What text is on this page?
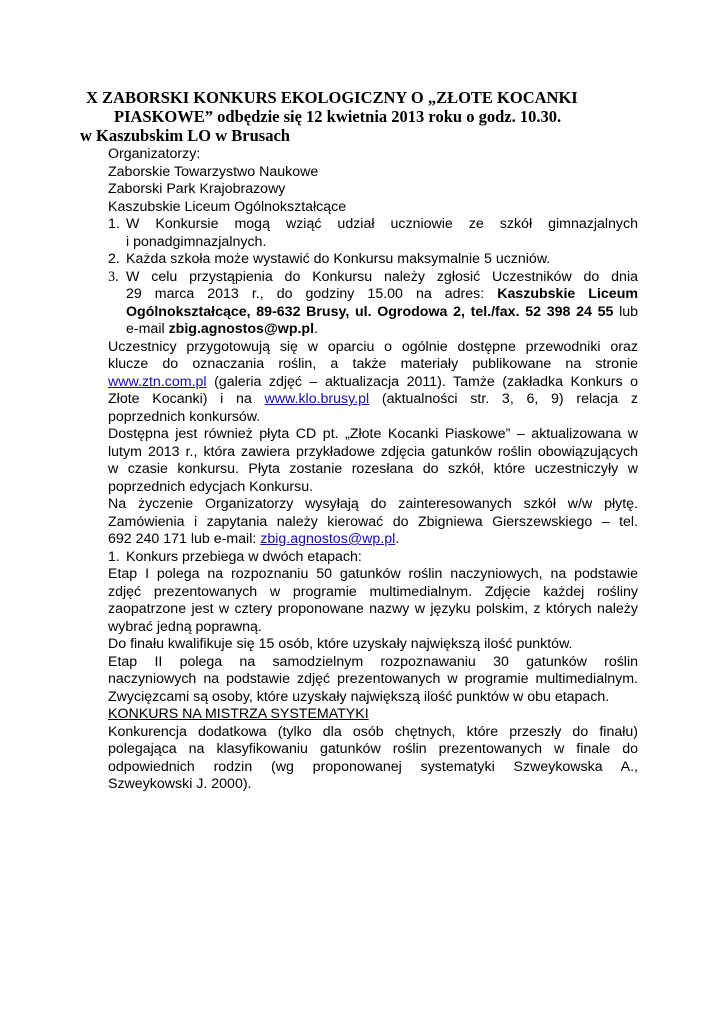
X ZABORSKI KONKURS EKOLOGICZNY O „ZŁOTE KOCANKI
PIASKOWE” odbędzie się 12 kwietnia 2013 roku o godz. 10.30.
w Kaszubskim LO w Brusach
Organizatorzy:
Zaborskie Towarzystwo Naukowe
Zaborski Park Krajobrazowy
Kaszubskie Liceum Ogólnokształcące
1. W Konkursie mogą wziąć udział uczniowie ze szkół gimnazjalnych
i ponadgimnazjalnych.
2. Każda szkoła może wystawić do Konkursu maksymalnie 5 uczniów.
3. W celu przystąpienia do Konkursu należy zgłosić Uczestników do dnia
29 marca 2013 r., do godziny 15.00 na adres: Kaszubskie Liceum
Ogólnokształcące, 89-632 Brusy, ul. Ogrodowa 2, tel./fax. 52 398 24 55 lub
e-mail zbig.agnostos@wp.pl.
Uczestnicy przygotowują się w oparciu o ogólnie dostępne przewodniki oraz
klucze do oznaczania roślin, a także materiały publikowane na stronie
www.ztn.com.pl (galeria zdjęć – aktualizacja 2011). Tamże (zakładka Konkurs o
Złote Kocanki) i na www.klo.brusy.pl (aktualności str. 3, 6, 9) relacja z
poprzednich konkursów.
Dostępna jest również płyta CD pt. „Złote Kocanki Piaskowe” – aktualizowana w
lutym 2013 r., która zawiera przykładowe zdjęcia gatunków roślin obowiązujących
w czasie konkursu. Płyta zostanie rozesłana do szkół, które uczestniczyły w
poprzednich edycjach Konkursu.
Na życzenie Organizatorzy wysyłają do zainteresowanych szkół w/w płytę.
Zamówienia i zapytania należy kierować do Zbigniewa Gierszewskiego – tel.
692 240 171 lub e-mail: zbig.agnostos@wp.pl.
1. Konkurs przebiega w dwóch etapach:
Etap I polega na rozpoznaniu 50 gatunków roślin naczyniowych, na podstawie
zdjęć prezentowanych w programie multimedialnym. Zdjęcie każdej rośliny
zaopatrzone jest w cztery proponowane nazwy w języku polskim, z których należy
wybrać jedną poprawną.
Do finału kwalifikuje się 15 osób, które uzyskały największą ilość punktów.
Etap II polega na samodzielnym rozpoznawaniu 30 gatunków roślin
naczyniowych na podstawie zdjęć prezentowanych w programie multimedialnym.
Zwycięzcami są osoby, które uzyskały największą ilość punktów w obu etapach.
KONKURS NA MISTRZA SYSTEMATYKI
Konkurencja dodatkowa (tylko dla osób chętnych, które przeszły do finału)
polegająca na klasyfikowaniu gatunków roślin prezentowanych w finale do
odpowiednich rodzin (wg proponowanej systematyki Szweykowska A.,
Szweykowski J. 2000).
